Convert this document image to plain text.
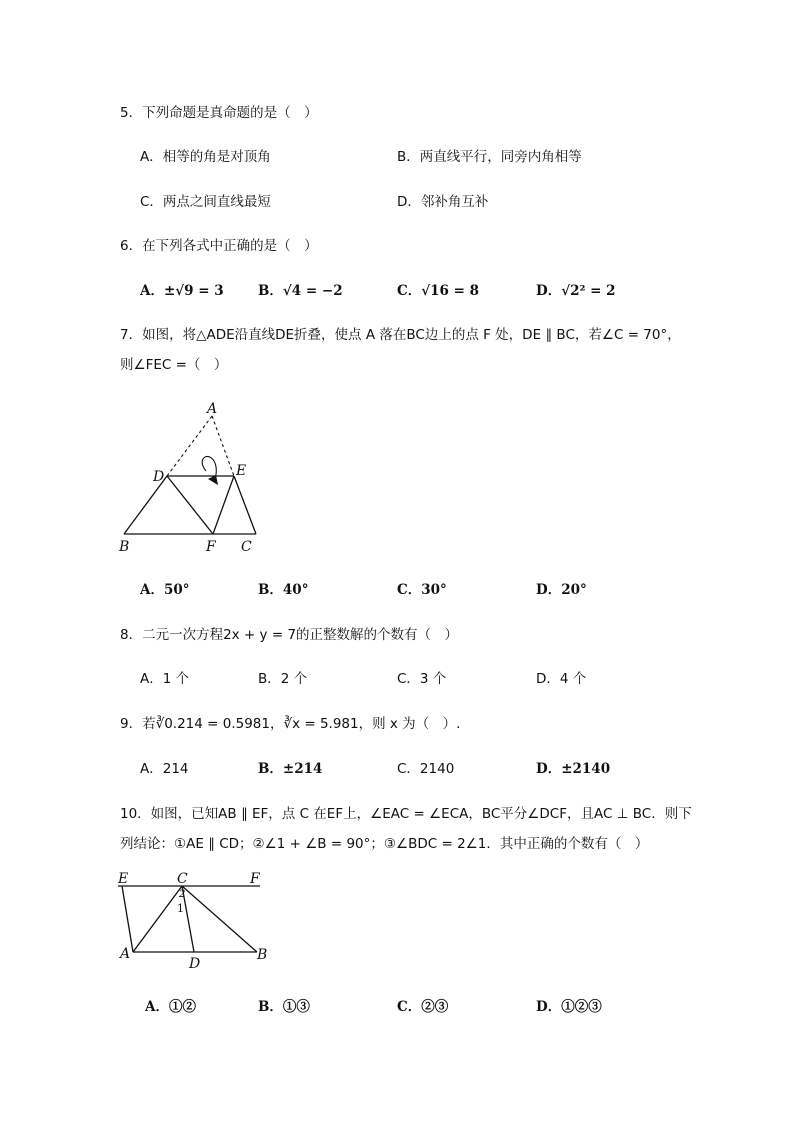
5．下列命题是真命题的是（　）
A．相等的角是对顶角	B．两直线平行，同旁内角相等
C．两点之间直线最短	D．邻补角互补
6．在下列各式中正确的是（　）
A．±√9 = 3	B．√4 = −2	C．√16 = 8	D．√2² = 2
7．如图，将△ADE沿直线DE折叠，使点 A 落在BC边上的点 F 处，DE ∥ BC，若∠C = 70°，
则∠FEC =（　）
A
D	E
B	F C
A．50°	B．40°	C．30°	D．20°
8．二元一次方程2x + y = 7的正整数解的个数有（　）
A．1 个	B．2 个	C．3 个	D．4 个
9．若∛0.214 = 0.5981，∛x = 5.981，则 x 为（　）.
A．214	B．±214	C．2140	D．±2140
10．如图，已知AB ∥ EF，点 C 在EF上，∠EAC = ∠ECA，BC平分∠DCF，且AC ⊥ BC．则下
列结论：①AE ∥ CD；②∠1 + ∠B = 90°；③∠BDC = 2∠1．其中正确的个数有（　）
E	C	F
A
D
B
2
1
A．①②	B．①③	C．②③	D．①②③
